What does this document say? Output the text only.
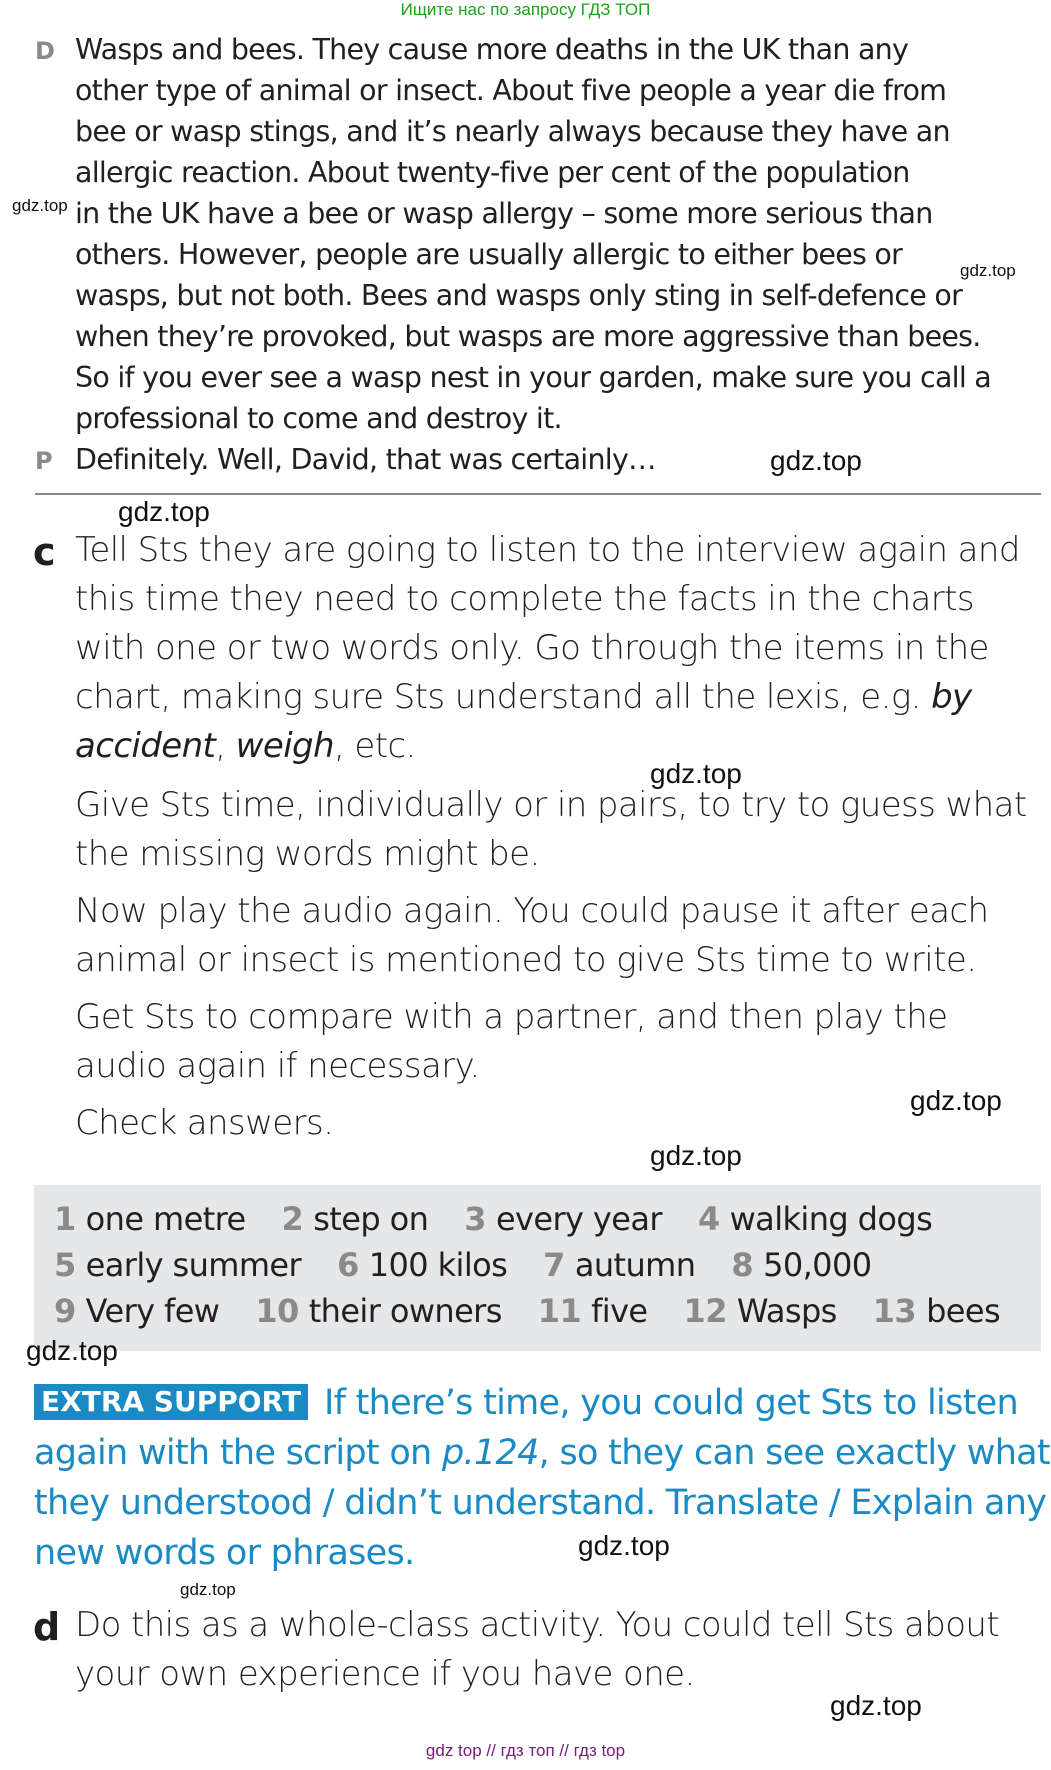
Ищите нас по запросу ГДЗ ТОП
gdz top // гдз топ // гдз top
D Wasps and bees. They cause more deaths in the UK than any
other type of animal or insect. About five people a year die from
bee or wasp stings, and it’s nearly always because they have an
allergic reaction. About twenty-five per cent of the population
in the UK have a bee or wasp allergy – some more serious than
others. However, people are usually allergic to either bees or
wasps, but not both. Bees and wasps only sting in self-defence or
when they’re provoked, but wasps are more aggressive than bees.
So if you ever see a wasp nest in your garden, make sure you call a
professional to come and destroy it.
P Definitely. Well, David, that was certainly…
c Tell Sts they are going to listen to the interview again and
this time they need to complete the facts in the charts
with one or two words only. Go through the items in the
chart, making sure Sts understand all the lexis, e.g. by
accident, weigh, etc.
Give Sts time, individually or in pairs, to try to guess what
the missing words might be.
Now play the audio again. You could pause it after each
animal or insect is mentioned to give Sts time to write.
Get Sts to compare with a partner, and then play the
audio again if necessary.
Check answers.
1 one metre 2 step on 3 every year 4 walking dogs
5 early summer 6 100 kilos 7 autumn 8 50,000
9 Very few 10 their owners 11 five 12 Wasps 13 bees
EXTRA SUPPORT If there’s time, you could get Sts to listen
again with the script on p.124, so they can see exactly what
they understood / didn’t understand. Translate / Explain any
new words or phrases.
d Do this as a whole-class activity. You could tell Sts about
your own experience if you have one.
gdz.top
gdz.top
gdz.top
gdz.top
gdz.top
gdz.top
gdz.top
gdz.top
gdz.top
gdz.top
gdz.top
